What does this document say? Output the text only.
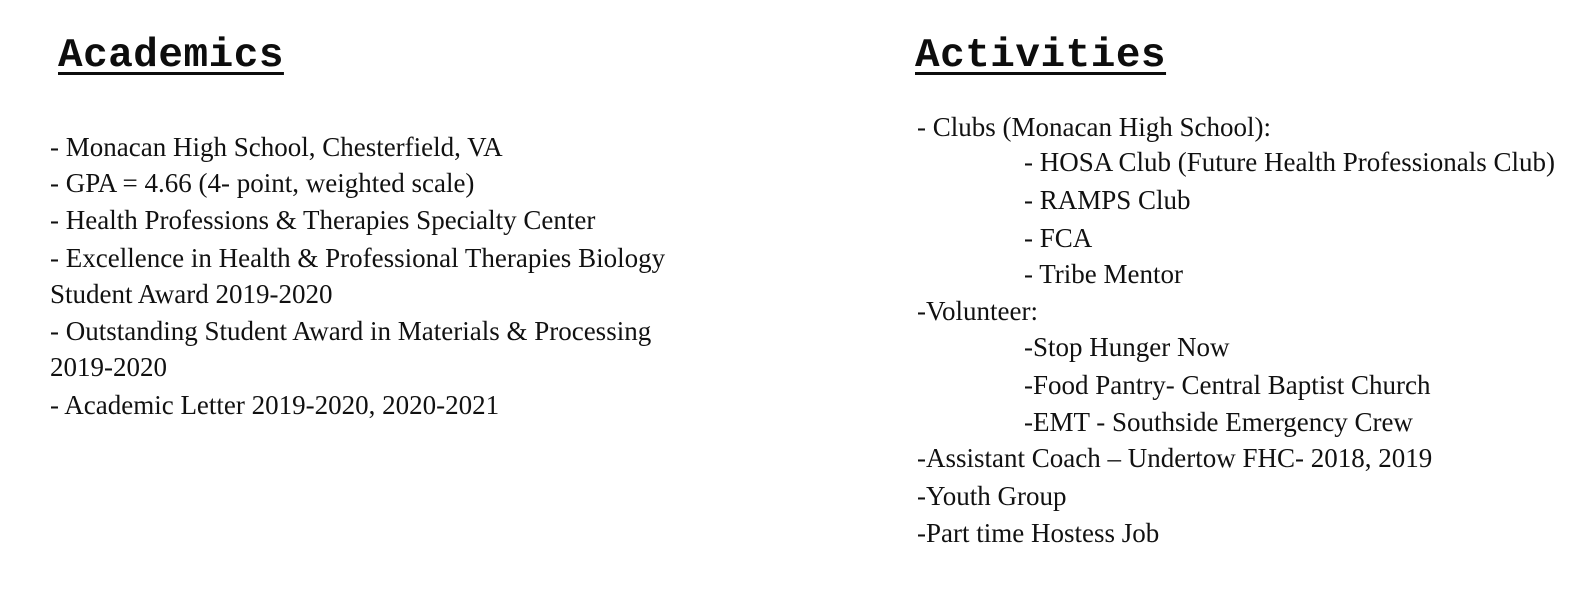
Academics
- Monacan High School, Chesterfield, VA
- GPA = 4.66 (4- point, weighted scale)
- Health Professions & Therapies Specialty Center
- Excellence in Health & Professional Therapies Biology
Student Award 2019-2020
- Outstanding Student Award in Materials & Processing
2019-2020
- Academic Letter 2019-2020, 2020-2021
Activities
- Clubs (Monacan High School):
- HOSA Club (Future Health Professionals Club)
- RAMPS Club
- FCA
- Tribe Mentor
-Volunteer:
-Stop Hunger Now
-Food Pantry- Central Baptist Church
-EMT - Southside Emergency Crew
-Assistant Coach – Undertow FHC- 2018, 2019
-Youth Group
-Part time Hostess Job
